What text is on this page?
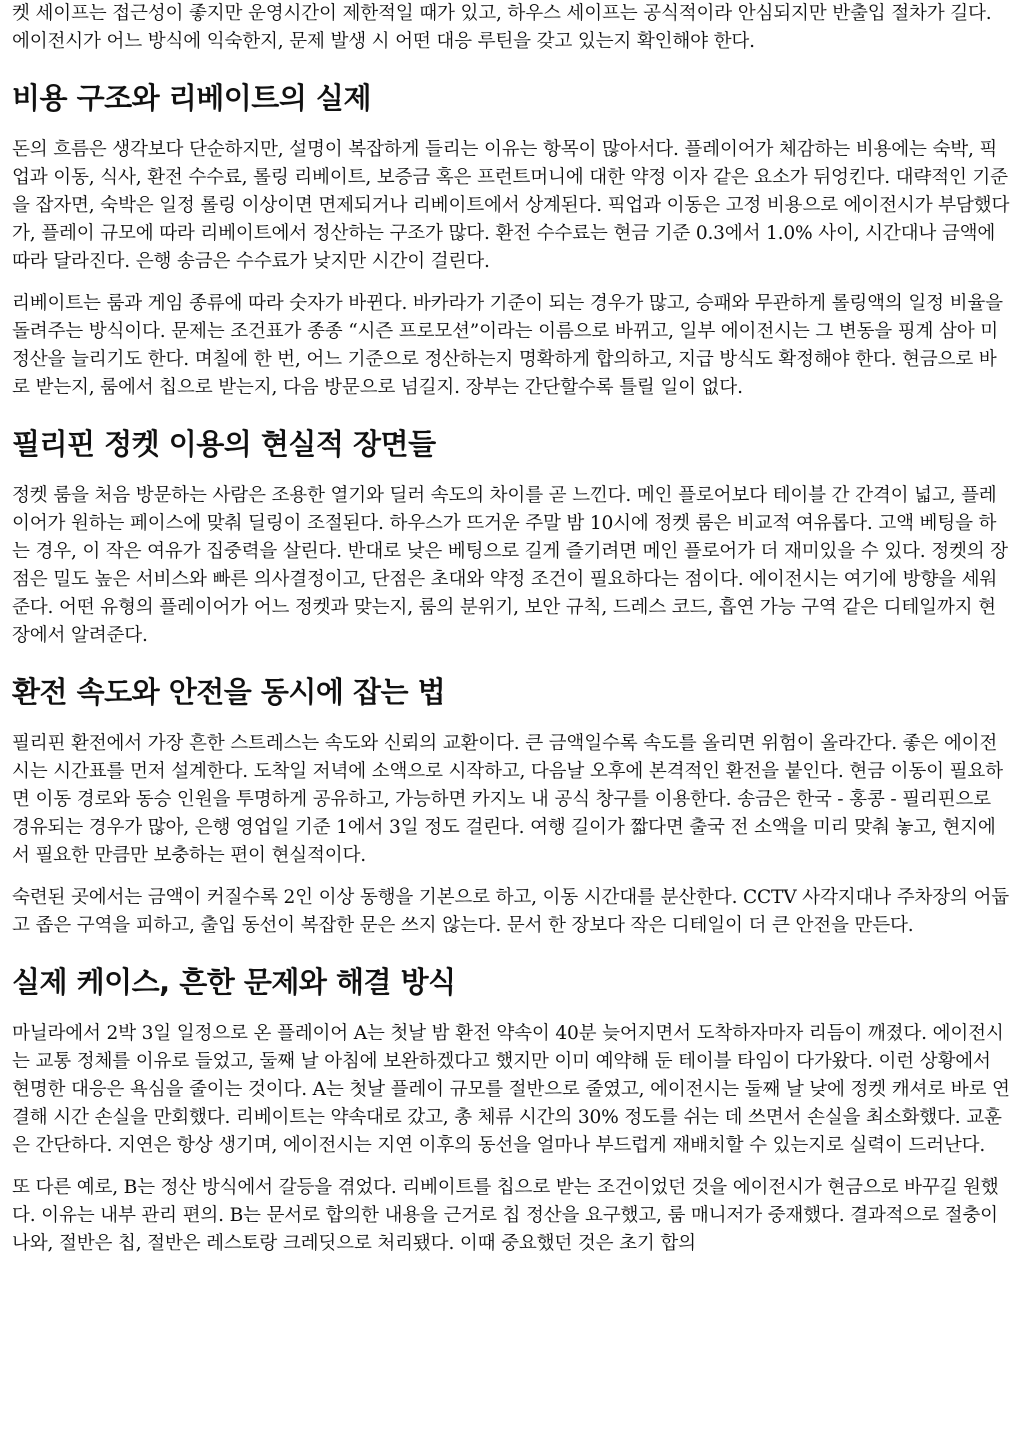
켓 세이프는 접근성이 좋지만 운영시간이 제한적일 때가 있고, 하우스 세이프는 공식적이라 안심되지만 반출입 절차가 길다. 에이전시가 어느 방식에 익숙한지, 문제 발생 시 어떤 대응 루틴을 갖고 있는지 확인해야 한다.

비용 구조와 리베이트의 실제

돈의 흐름은 생각보다 단순하지만, 설명이 복잡하게 들리는 이유는 항목이 많아서다. 플레이어가 체감하는 비용에는 숙박, 픽업과 이동, 식사, 환전 수수료, 롤링 리베이트, 보증금 혹은 프런트머니에 대한 약정 이자 같은 요소가 뒤엉킨다. 대략적인 기준을 잡자면, 숙박은 일정 롤링 이상이면 면제되거나 리베이트에서 상계된다. 픽업과 이동은 고정 비용으로 에이전시가 부담했다가, 플레이 규모에 따라 리베이트에서 정산하는 구조가 많다. 환전 수수료는 현금 기준 0.3에서 1.0% 사이, 시간대나 금액에 따라 달라진다. 은행 송금은 수수료가 낮지만 시간이 걸린다.

리베이트는 룸과 게임 종류에 따라 숫자가 바뀐다. 바카라가 기준이 되는 경우가 많고, 승패와 무관하게 롤링액의 일정 비율을 돌려주는 방식이다. 문제는 조건표가 종종 “시즌 프로모션”이라는 이름으로 바뀌고, 일부 에이전시는 그 변동을 핑계 삼아 미정산을 늘리기도 한다. 며칠에 한 번, 어느 기준으로 정산하는지 명확하게 합의하고, 지급 방식도 확정해야 한다. 현금으로 바로 받는지, 룸에서 칩으로 받는지, 다음 방문으로 넘길지. 장부는 간단할수록 틀릴 일이 없다.

필리핀 정켓 이용의 현실적 장면들

정켓 룸을 처음 방문하는 사람은 조용한 열기와 딜러 속도의 차이를 곧 느낀다. 메인 플로어보다 테이블 간 간격이 넓고, 플레이어가 원하는 페이스에 맞춰 딜링이 조절된다. 하우스가 뜨거운 주말 밤 10시에 정켓 룸은 비교적 여유롭다. 고액 베팅을 하는 경우, 이 작은 여유가 집중력을 살린다. 반대로 낮은 베팅으로 길게 즐기려면 메인 플로어가 더 재미있을 수 있다. 정켓의 장점은 밀도 높은 서비스와 빠른 의사결정이고, 단점은 초대와 약정 조건이 필요하다는 점이다. 에이전시는 여기에 방향을 세워준다. 어떤 유형의 플레이어가 어느 정켓과 맞는지, 룸의 분위기, 보안 규칙, 드레스 코드, 흡연 가능 구역 같은 디테일까지 현장에서 알려준다.

환전 속도와 안전을 동시에 잡는 법

필리핀 환전에서 가장 흔한 스트레스는 속도와 신뢰의 교환이다. 큰 금액일수록 속도를 올리면 위험이 올라간다. 좋은 에이전시는 시간표를 먼저 설계한다. 도착일 저녁에 소액으로 시작하고, 다음날 오후에 본격적인 환전을 붙인다. 현금 이동이 필요하면 이동 경로와 동승 인원을 투명하게 공유하고, 가능하면 카지노 내 공식 창구를 이용한다. 송금은 한국 - 홍콩 - 필리핀으로 경유되는 경우가 많아, 은행 영업일 기준 1에서 3일 정도 걸린다. 여행 길이가 짧다면 출국 전 소액을 미리 맞춰 놓고, 현지에서 필요한 만큼만 보충하는 편이 현실적이다.

숙련된 곳에서는 금액이 커질수록 2인 이상 동행을 기본으로 하고, 이동 시간대를 분산한다. CCTV 사각지대나 주차장의 어둡고 좁은 구역을 피하고, 출입 동선이 복잡한 문은 쓰지 않는다. 문서 한 장보다 작은 디테일이 더 큰 안전을 만든다.

실제 케이스, 흔한 문제와 해결 방식

마닐라에서 2박 3일 일정으로 온 플레이어 A는 첫날 밤 환전 약속이 40분 늦어지면서 도착하자마자 리듬이 깨졌다. 에이전시는 교통 정체를 이유로 들었고, 둘째 날 아침에 보완하겠다고 했지만 이미 예약해 둔 테이블 타임이 다가왔다. 이런 상황에서 현명한 대응은 욕심을 줄이는 것이다. A는 첫날 플레이 규모를 절반으로 줄였고, 에이전시는 둘째 날 낮에 정켓 캐셔로 바로 연결해 시간 손실을 만회했다. 리베이트는 약속대로 갔고, 총 체류 시간의 30% 정도를 쉬는 데 쓰면서 손실을 최소화했다. 교훈은 간단하다. 지연은 항상 생기며, 에이전시는 지연 이후의 동선을 얼마나 부드럽게 재배치할 수 있는지로 실력이 드러난다.

또 다른 예로, B는 정산 방식에서 갈등을 겪었다. 리베이트를 칩으로 받는 조건이었던 것을 에이전시가 현금으로 바꾸길 원했다. 이유는 내부 관리 편의. B는 문서로 합의한 내용을 근거로 칩 정산을 요구했고, 룸 매니저가 중재했다. 결과적으로 절충이 나와, 절반은 칩, 절반은 레스토랑 크레딧으로 처리됐다. 이때 중요했던 것은 초기 합의
